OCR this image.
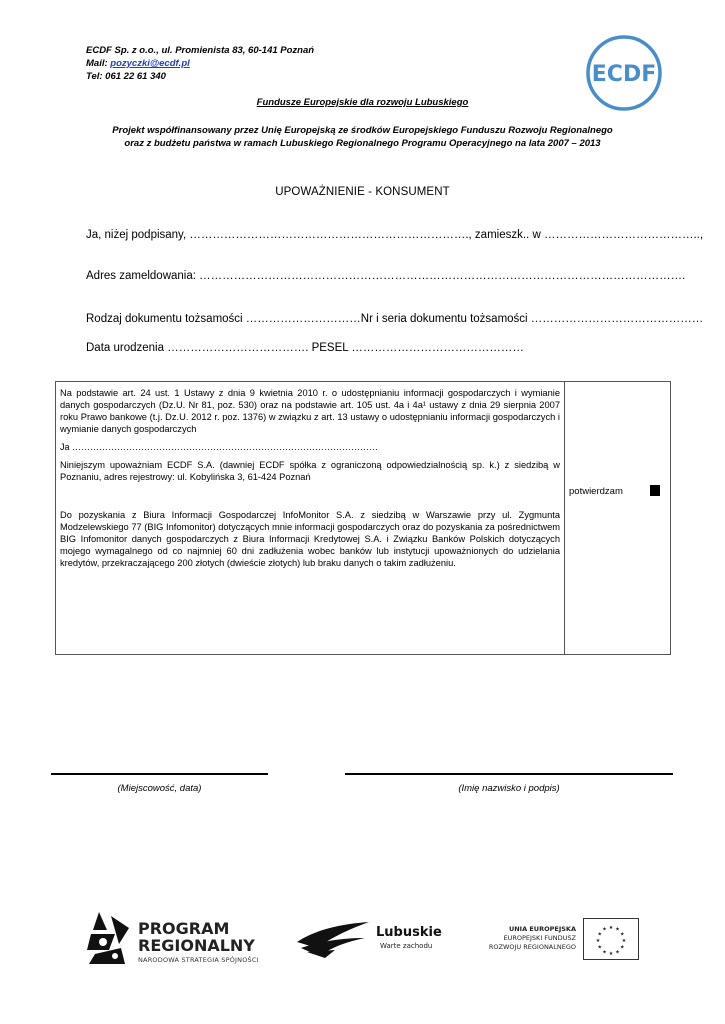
ECDF Sp. z o.o., ul. Promienista 83, 60-141 Poznań
Mail: pozyczki@ecdf.pl
Tel: 061 22 61 340	ECDF
Fundusze Europejskie dla rozwoju Lubuskiego
Projekt współfinansowany przez Unię Europejską ze środków Europejskiego Funduszu Rozwoju Regionalnego
oraz z budżetu państwa w ramach Lubuskiego Regionalnego Programu Operacyjnego na lata 2007 – 2013
UPOWAŻNIENIE - KONSUMENT
Ja, niżej podpisany, ………………………………………………………………., zamieszk.. w …………………………………..,
Adres zameldowania: ……………………………………………………………………………………………………………….
Rodzaj dokumentu tożsamości …………………………Nr i seria dokumentu tożsamości ………………………………………
Data urodzenia ………………………………. PESEL ………………………………………

Na podstawie art. 24 ust. 1 Ustawy z dnia 9 kwietnia 2010 r. o udostępnianiu informacji gospodarczych i wymianie danych gospodarczych (Dz.U. Nr 81, poz. 530) oraz na podstawie art. 105 ust. 4a i 4a¹ ustawy z dnia 29 sierpnia 2007 roku Prawo bankowe (t.j. Dz.U. 2012 r. poz. 1376) w związku z art. 13 ustawy o udostępnianiu informacji gospodarczych i wymianie danych gospodarczych

Ja …………………………………………………………………………………………

Niniejszym upoważniam ECDF S.A. (dawniej ECDF spółka z ograniczoną odpowiedzialnością sp. k.) z siedzibą w Poznaniu, adres rejestrowy: ul. Kobylińska 3, 61-424 Poznań

Do pozyskania z Biura Informacji Gospodarczej InfoMonitor S.A. z siedzibą w Warszawie przy ul. Zygmunta Modzelewskiego 77 (BIG Infomonitor) dotyczących mnie informacji gospodarczych oraz do pozyskania za pośrednictwem BIG Infomonitor danych gospodarczych z Biura Informacji Kredytowej S.A. i Związku Banków Polskich dotyczących mojego wymagalnego od co najmniej 60 dni zadłużenia wobec banków lub instytucji upoważnionych do udzielania kredytów, przekraczającego 200 złotych (dwieście złotych) lub braku danych o takim zadłużeniu.

potwierdzam
(Miejscowość, data)	(Imię nazwisko i podpis)
PROGRAM
REGIONALNY
NARODOWA STRATEGIA SPÓJNOŚCI
Lubuskie
Warte zachodu
UNIA EUROPEJSKA
EUROPEJSKI FUNDUSZ
ROZWOJU REGIONALNEGO
★ ★
★
★
★
★
★
★
★
★
★
★
